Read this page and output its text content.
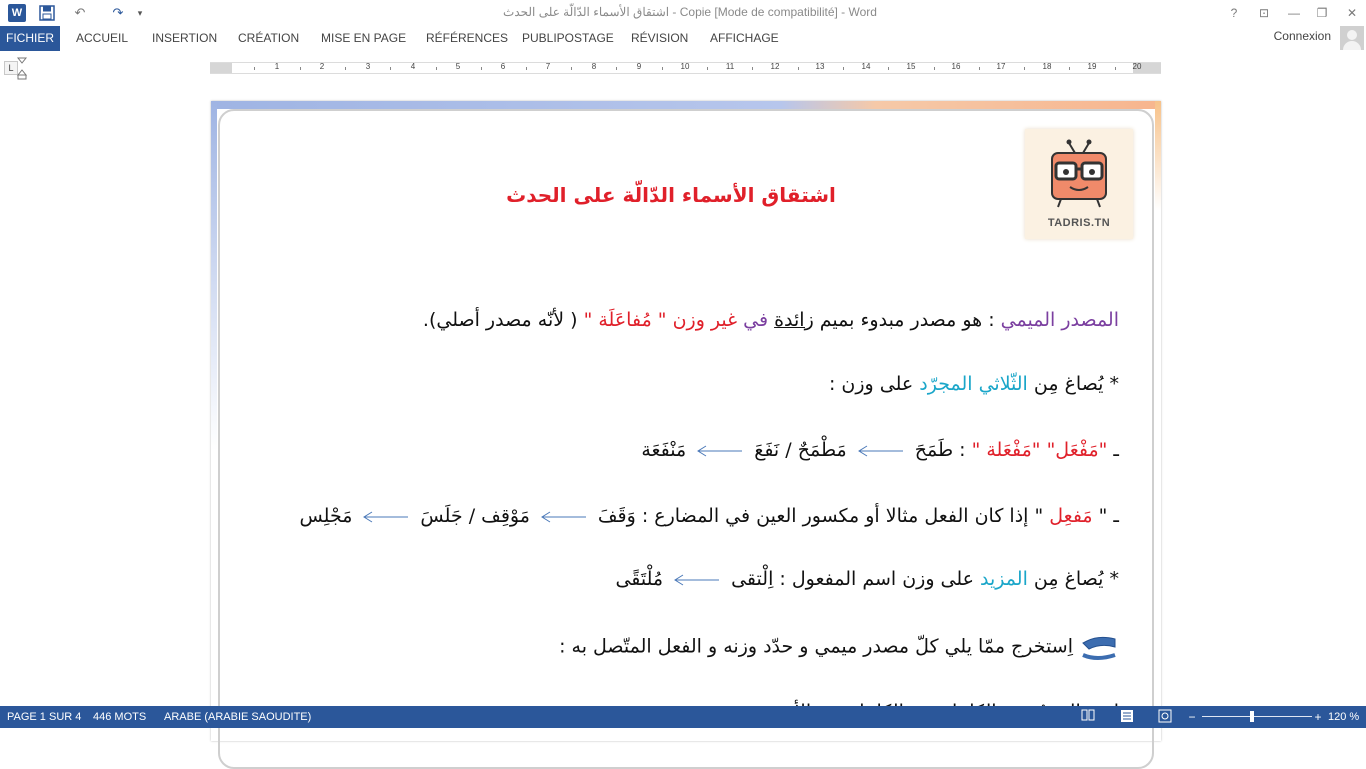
W	↶	↷	▾	اشتقاق الأسماء الدّالّة على الحدث - Copie [Mode de compatibilité] - Word	?	⊡	—	❐	✕
FICHIER	ACCUEIL INSERTION CRÉATION MISE EN PAGE RÉFÉRENCES PUBLIPOSTAGE RÉVISION AFFICHAGE	Connexion
L	1	2	3	4	5	6	7	8	9	10	11	12	13	14	15	16	17	18	19	20
TADRIS.TN
اشتقاق الأسماء الدّالّة على الحدث
المصدر الميمي : هو مصدر مبدوء بميم زائدة في غير وزن " مُفاعَلَة " ( لأنّه مصدر أصلي).
* يُصاغ مِن الثّلاثي المجرّد على وزن :
ـ "مَفْعَل" "مَفْعَلة " : طَمَحَ
مَطْمَحٌ / نَفَعَ
مَنْفَعَة
ـ " مَفعِل " إذا كان الفعل مثالا أو مكسور العين في المضارع : وَقَفَ
مَوْقِف / جَلَسَ
مَجْلِس
* يُصاغ مِن المزيد على وزن اسم المفعول : اِلْتقى
مُلْتَقًى
اِستخرج ممّا يلي كلّ مصدر ميمي و حدّد وزنه و الفعل المتّصل به :
PAGE 1 SUR 4 446 MOTS ARABE (ARABIE SAOUDITE)	−	+ 120 %
